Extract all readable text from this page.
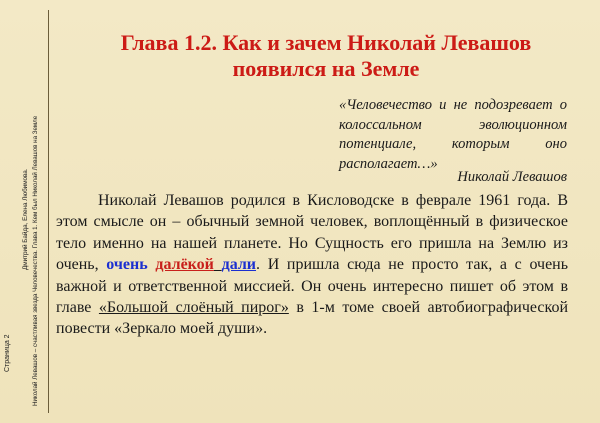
Страница 2
Дмитрий Байда, Елена Любимова. Николай Левашов – счастливая звезда Человечества. Глава 1. Кем был Николай Левашов на Земле
Глава 1.2. Как и зачем Николай Левашов появился на Земле
«Человечество и не подозревает о колоссальном эволюционном потенциале, которым оно располагает…»
Николай Левашов
Николай Левашов родился в Кисловодске в феврале 1961 года. В этом смысле он – обычный земной человек, воплощённый в физическое тело именно на нашей планете. Но Сущность его пришла на Землю из очень, очень далёкой дали. И пришла сюда не просто так, а с очень важной и ответственной миссией. Он очень интересно пишет об этом в главе «Большой слоёный пирог» в 1-м томе своей автобиографической повести «Зеркало моей души».
